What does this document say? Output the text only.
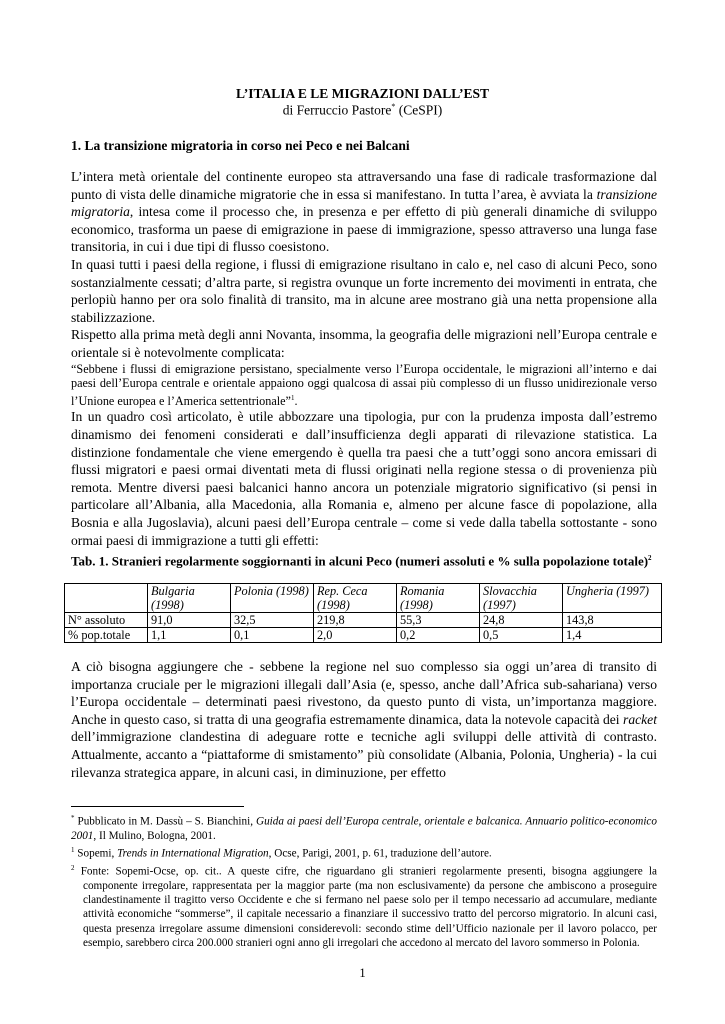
L’ITALIA E LE MIGRAZIONI DALL’EST
di Ferruccio Pastore* (CeSPI)
1. La transizione migratoria in corso nei Peco e nei Balcani

L’intera metà orientale del continente europeo sta attraversando una fase di radicale trasformazione dal punto di vista delle dinamiche migratorie che in essa si manifestano. In tutta l’area, è avviata la transizione migratoria, intesa come il processo che, in presenza e per effetto di più generali dinamiche di sviluppo economico, trasforma un paese di emigrazione in paese di immigrazione, spesso attraverso una lunga fase transitoria, in cui i due tipi di flusso coesistono.

In quasi tutti i paesi della regione, i flussi di emigrazione risultano in calo e, nel caso di alcuni Peco, sono sostanzialmente cessati; d’altra parte, si registra ovunque un forte incremento dei movimenti in entrata, che perlopiù hanno per ora solo finalità di transito, ma in alcune aree mostrano già una netta propensione alla stabilizzazione.

Rispetto alla prima metà degli anni Novanta, insomma, la geografia delle migrazioni nell’Europa centrale e orientale si è notevolmente complicata:

“Sebbene i flussi di emigrazione persistano, specialmente verso l’Europa occidentale, le migrazioni all’interno e dai paesi dell’Europa centrale e orientale appaiono oggi qualcosa di assai più complesso di un flusso unidirezionale verso l’Unione europea e l’America settentrionale”$^1$.

In un quadro così articolato, è utile abbozzare una tipologia, pur con la prudenza imposta dall’estremo dinamismo dei fenomeni considerati e dall’insufficienza degli apparati di rilevazione statistica. La distinzione fondamentale che viene emergendo è quella tra paesi che a tutt’oggi sono ancora emissari di flussi migratori e paesi ormai diventati meta di flussi originati nella regione stessa o di provenienza più remota. Mentre diversi paesi balcanici hanno ancora un potenziale migratorio significativo (si pensi in particolare all’Albania, alla Macedonia, alla Romania e, almeno per alcune fasce di popolazione, alla Bosnia e alla Jugoslavia), alcuni paesi dell’Europa centrale – come si vede dalla tabella sottostante - sono ormai paesi di immigrazione a tutti gli effetti:

Tab. 1. Stranieri regolarmente soggiornanti in alcuni Peco (numeri assoluti e % sulla popolazione totale)$^2$
	Bulgaria (1998)	Polonia (1998)	Rep. Ceca (1998)	Romania (1998)	Slovacchia (1997)	Ungheria (1997)
N° assoluto	91,0	32,5	219,8	55,3	24,8	143,8
% pop.totale	1,1	0,1	2,0	0,2	0,5	1,4

A ciò bisogna aggiungere che - sebbene la regione nel suo complesso sia oggi un’area di transito di importanza cruciale per le migrazioni illegali dall’Asia (e, spesso, anche dall’Africa sub-sahariana) verso l’Europa occidentale – determinati paesi rivestono, da questo punto di vista, un’importanza maggiore. Anche in questo caso, si tratta di una geografia estremamente dinamica, data la notevole capacità dei racket dell’immigrazione clandestina di adeguare rotte e tecniche agli sviluppi delle attività di contrasto. Attualmente, accanto a “piattaforme di smistamento” più consolidate (Albania, Polonia, Ungheria) - la cui rilevanza strategica appare, in alcuni casi, in diminuzione, per effetto

* Pubblicato in M. Dassù – S. Bianchini, Guida ai paesi dell’Europa centrale, orientale e balcanica. Annuario politico-economico 2001, Il Mulino, Bologna, 2001.

$^1$ Sopemi, Trends in International Migration, Ocse, Parigi, 2001, p. 61, traduzione dell’autore.

$^2$ Fonte: Sopemi-Ocse, op. cit.. A queste cifre, che riguardano gli stranieri regolarmente presenti, bisogna aggiungere la componente irregolare, rappresentata per la maggior parte (ma non esclusivamente) da persone che ambiscono a proseguire clandestinamente il tragitto verso Occidente e che si fermano nel paese solo per il tempo necessario ad accumulare, mediante attività economiche “sommerse”, il capitale necessario a finanziare il successivo tratto del percorso migratorio. In alcuni casi, questa presenza irregolare assume dimensioni considerevoli: secondo stime dell’Ufficio nazionale per il lavoro polacco, per esempio, sarebbero circa 200.000 stranieri ogni anno gli irregolari che accedono al mercato del lavoro sommerso in Polonia.

1
